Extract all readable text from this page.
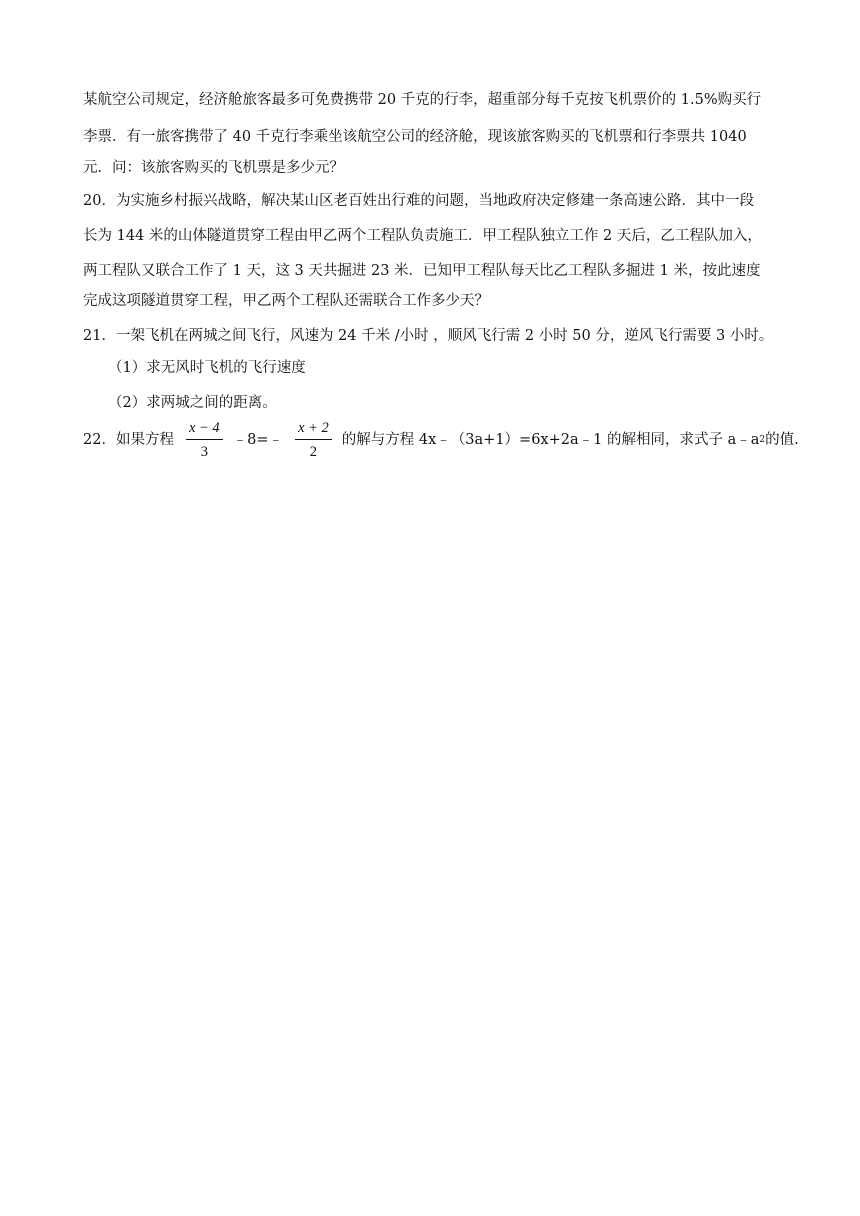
某航空公司规定，经济舱旅客最多可免费携带 20 千克的行李，超重部分每千克按飞机票价的 1.5%购买行
李票．有一旅客携带了 40 千克行李乘坐该航空公司的经济舱，现该旅客购买的飞机票和行李票共 1040
元．问：该旅客购买的飞机票是多少元？
20．为实施乡村振兴战略，解决某山区老百姓出行难的问题，当地政府决定修建一条高速公路．其中一段
长为 144 米的山体隧道贯穿工程由甲乙两个工程队负责施工．甲工程队独立工作 2 天后，乙工程队加入，
两工程队又联合工作了 1 天，这 3 天共掘进 23 米．已知甲工程队每天比乙工程队多掘进 1 米，按此速度
完成这项隧道贯穿工程，甲乙两个工程队还需联合工作多少天？
21．一架飞机在两城之间飞行，风速为 24 千米 /小时 ，顺风飞行需 2 小时 50 分，逆风飞行需要 3 小时。
（1）求无风时飞机的飞行速度
（2）求两城之间的距离。
22．如果方程 $\frac{x - 4}{3}$ ﹣8=﹣ $\frac{x + 2}{2}$ 的解与方程 4x﹣（3a+1）=6x+2a﹣1 的解相同，求式子 a﹣a 2 的值.
